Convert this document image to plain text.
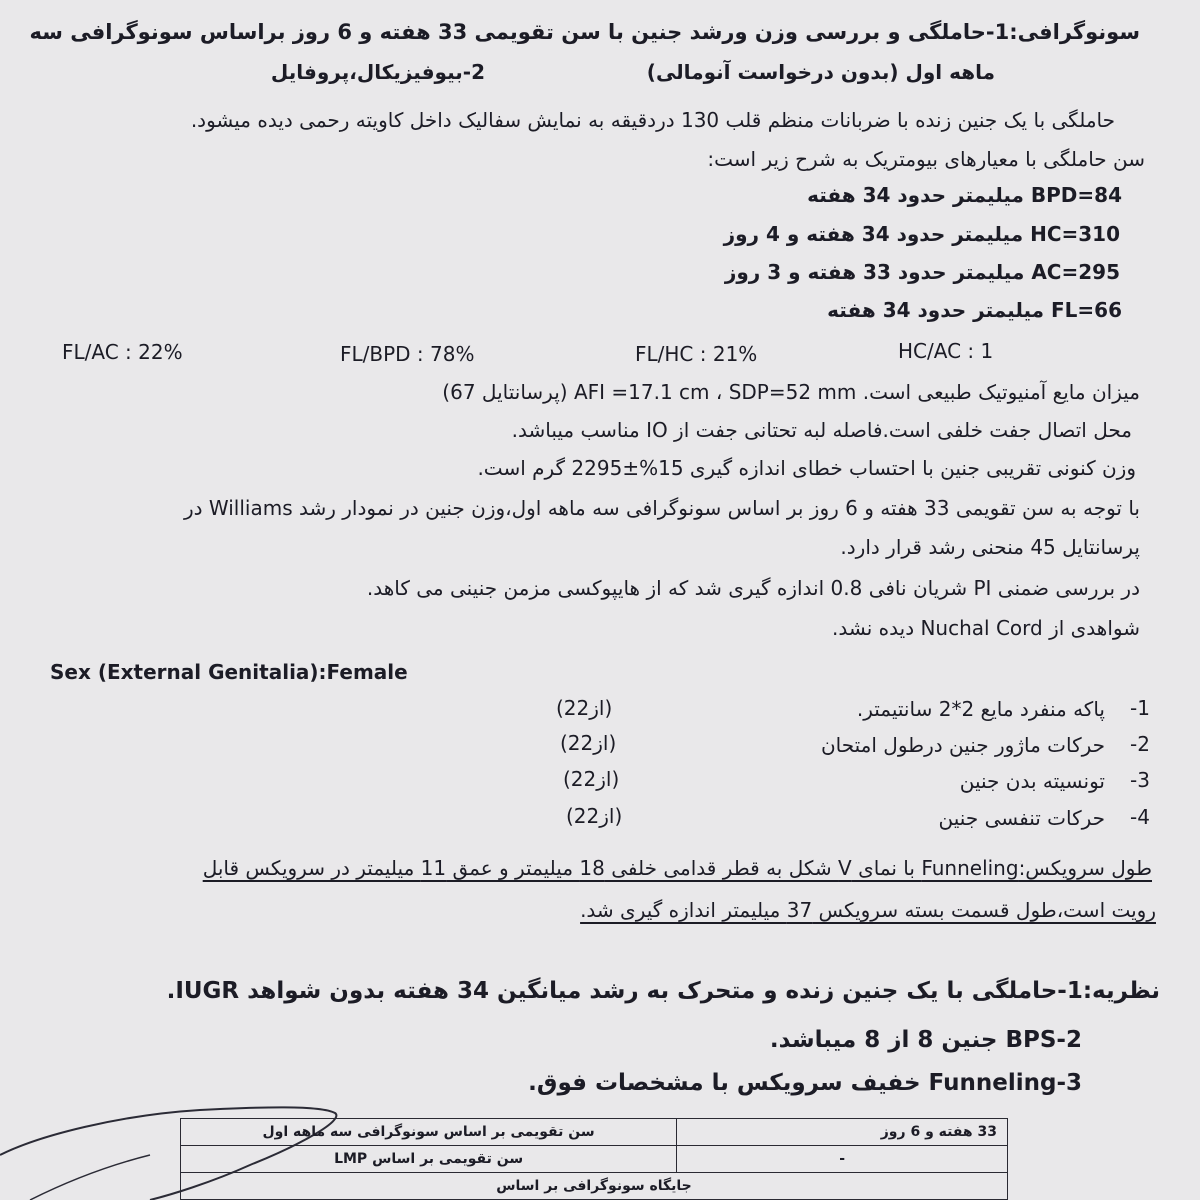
سونوگرافی:1-حاملگی و بررسی وزن ورشد جنین با سن تقویمی 33 هفته و 6 روز براساس سونوگرافی سه
ماهه اول (بدون درخواست آنومالی)
2-بیوفیزیکال،پروفایل
حاملگی با یک جنین زنده با ضربانات منظم قلب 130 دردقیقه به نمایش سفالیک داخل کاویته رحمی دیده میشود.
سن حاملگی با معیارهای بیومتریک به شرح زیر است:
BPD=84 میلیمتر حدود 34 هفته
HC=310 میلیمتر حدود 34 هفته و 4 روز
AC=295 میلیمتر حدود 33 هفته و 3 روز
FL=66 میلیمتر حدود 34 هفته
FL/AC : 22%	FL/BPD : 78%	FL/HC : 21%	HC/AC : 1
میزان مایع آمنیوتیک طبیعی است. AFI =17.1 cm ، SDP=52 mm (پرسانتایل 67)
محل اتصال جفت خلفی است.فاصله لبه تحتانی جفت از IO مناسب میباشد.
وزن کنونی تقریبی جنین با احتساب خطای اندازه گیری 15%±2295 گرم است.
با توجه به سن تقویمی 33 هفته و 6 روز بر اساس سونوگرافی سه ماهه اول،وزن جنین در نمودار رشد Williams در
پرسانتایل 45 منحنی رشد قرار دارد.
در بررسی ضمنی PI شریان نافی 0.8 اندازه گیری شد که از هایپوکسی مزمن جنینی می کاهد.
شواهدی از Nuchal Cord دیده نشد.
Sex (External Genitalia):Female
1-
پاکه منفرد مایع 2*2 سانتیمتر.
(2از2)
2-
حرکات ماژور جنین درطول امتحان
(2از2)
3-
تونسیته بدن جنین
(2از2)
4-
حرکات تنفسی جنین
(2از2)
طول سرویکس:Funneling با نمای V شکل به قطر قدامی خلفی 18 میلیمتر و عمق 11 میلیمتر در سرویکس قابل
رویت است،طول قسمت بسته سرویکس 37 میلیمتر اندازه گیری شد.
نظریه:1-حاملگی با یک جنین زنده و متحرک به رشد میانگین 34 هفته بدون شواهد IUGR.
BPS-2 جنین 8 از 8 میباشد.
Funneling-3 خفیف سرویکس با مشخصات فوق.
سن تقویمی بر اساس سونوگرافی سه ماهه اول	33 هفته و 6 روز
سن تقویمی بر اساس LMP	-
جایگاه سونوگرافی بر اساس	
